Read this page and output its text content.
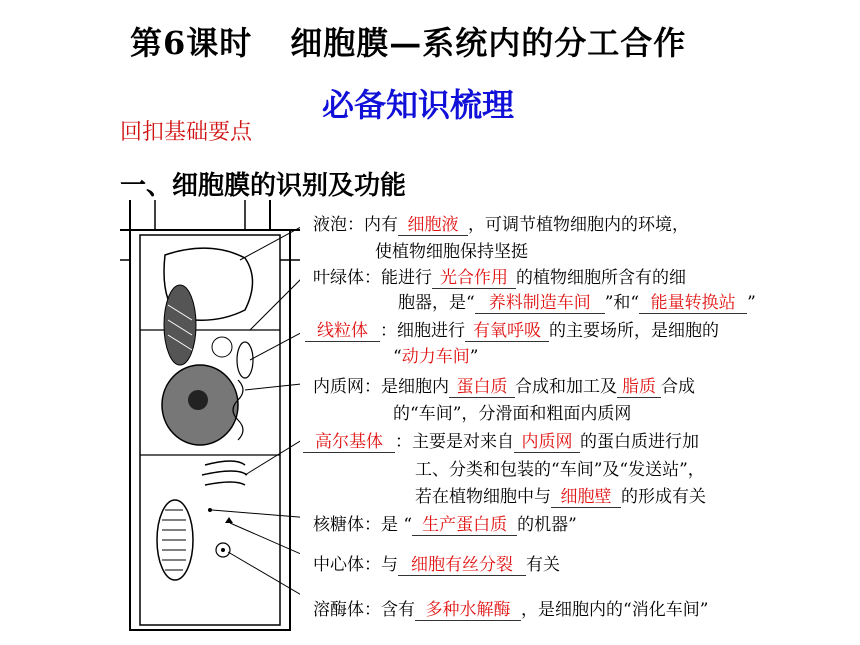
第6课时 细胞膜—系统内的分工合作
必备知识梳理
回扣基础要点
一、细胞膜的识别及功能
液泡：内有 细胞液 ，可调节植物细胞内的环境，
使植物细胞保持坚挺
叶绿体：能进行 光合作用 的植物细胞所含有的细
胞器，是“ 养料制造车间 ”和“ 能量转换站 ”
线粒体 ：细胞进行 有氧呼吸 的主要场所，是细胞的
“动力车间”
内质网：是细胞内 蛋白质 合成和加工及 脂质 合成
的“车间”，分滑面和粗面内质网
高尔基体 ：主要是对来自 内质网 的蛋白质进行加
工、分类和包装的“车间”及“发送站”，
若在植物细胞中与 细胞壁 的形成有关
核糖体：是 “ 生产蛋白质 的机器”
中心体：与 细胞有丝分裂 有关
溶酶体：含有 多种水解酶 ，是细胞内的“消化车间”
